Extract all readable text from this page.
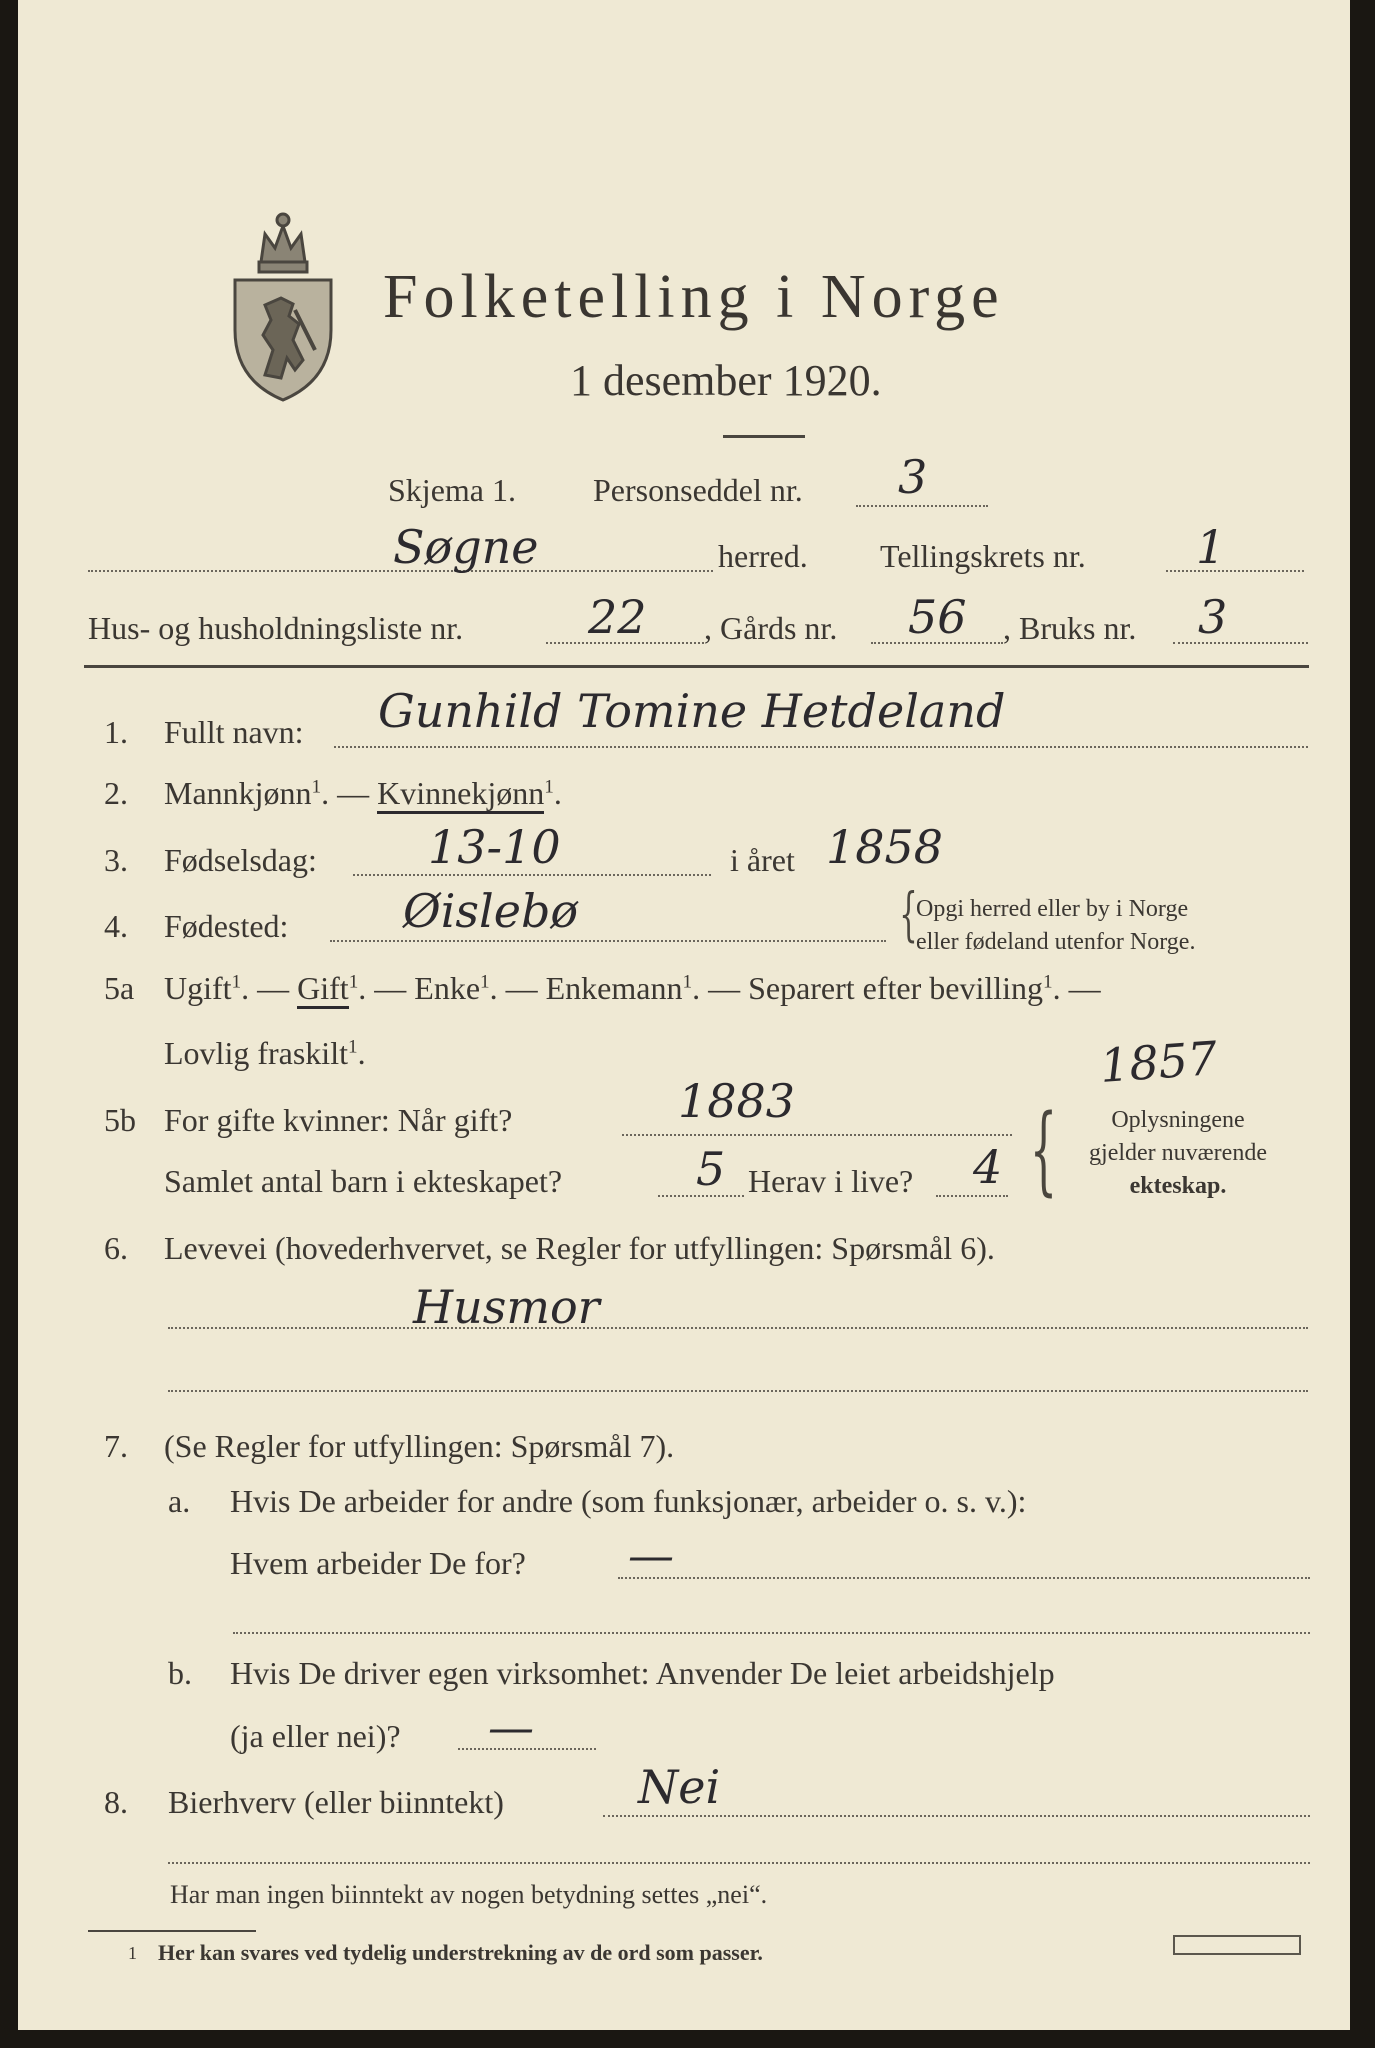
Folketelling i Norge
1 desember 1920.
Skjema 1. Personseddel nr. 3
Søgne	herred. Tellingskrets nr. 1
Hus- og husholdningsliste nr.	22 , Gårds nr. 56 , Bruks nr. 3
1. Fullt navn: Gunhild Tomine Hetdeland
2. Mannkjønn$^1$. — Kvinnekjønn$^1$.
3. Fødselsdag: 13-10	i året 1858
4. Fødested: Øislebø	{
Opgi herred eller by i Norge
eller fødeland utenfor Norge.
5a Ugift$^1$. — Gift$^1$. — Enke$^1$. — Enkemann$^1$. — Separert efter bevilling$^1$. —
Lovlig fraskilt$^1$.	1857
5b For gifte kvinner: Når gift?	1883
Samlet antal barn i ekteskapet?	5 Herav i live? 4 {	Oplysningene
gjelder nuværende
ekteskap.
6. Levevei (hovederhvervet, se Regler for utfyllingen: Spørsmål 6).
Husmor
7. (Se Regler for utfyllingen: Spørsmål 7).
a. Hvis De arbeider for andre (som funksjonær, arbeider o. s. v.):
Hvem arbeider De for? —
b. Hvis De driver egen virksomhet: Anvender De leiet arbeidshjelp
(ja eller nei)? —
8. Bierhverv (eller biinntekt)	Nei
Har man ingen biinntekt av nogen betydning settes „nei“.
1 Her kan svares ved tydelig understrekning av de ord som passer.
